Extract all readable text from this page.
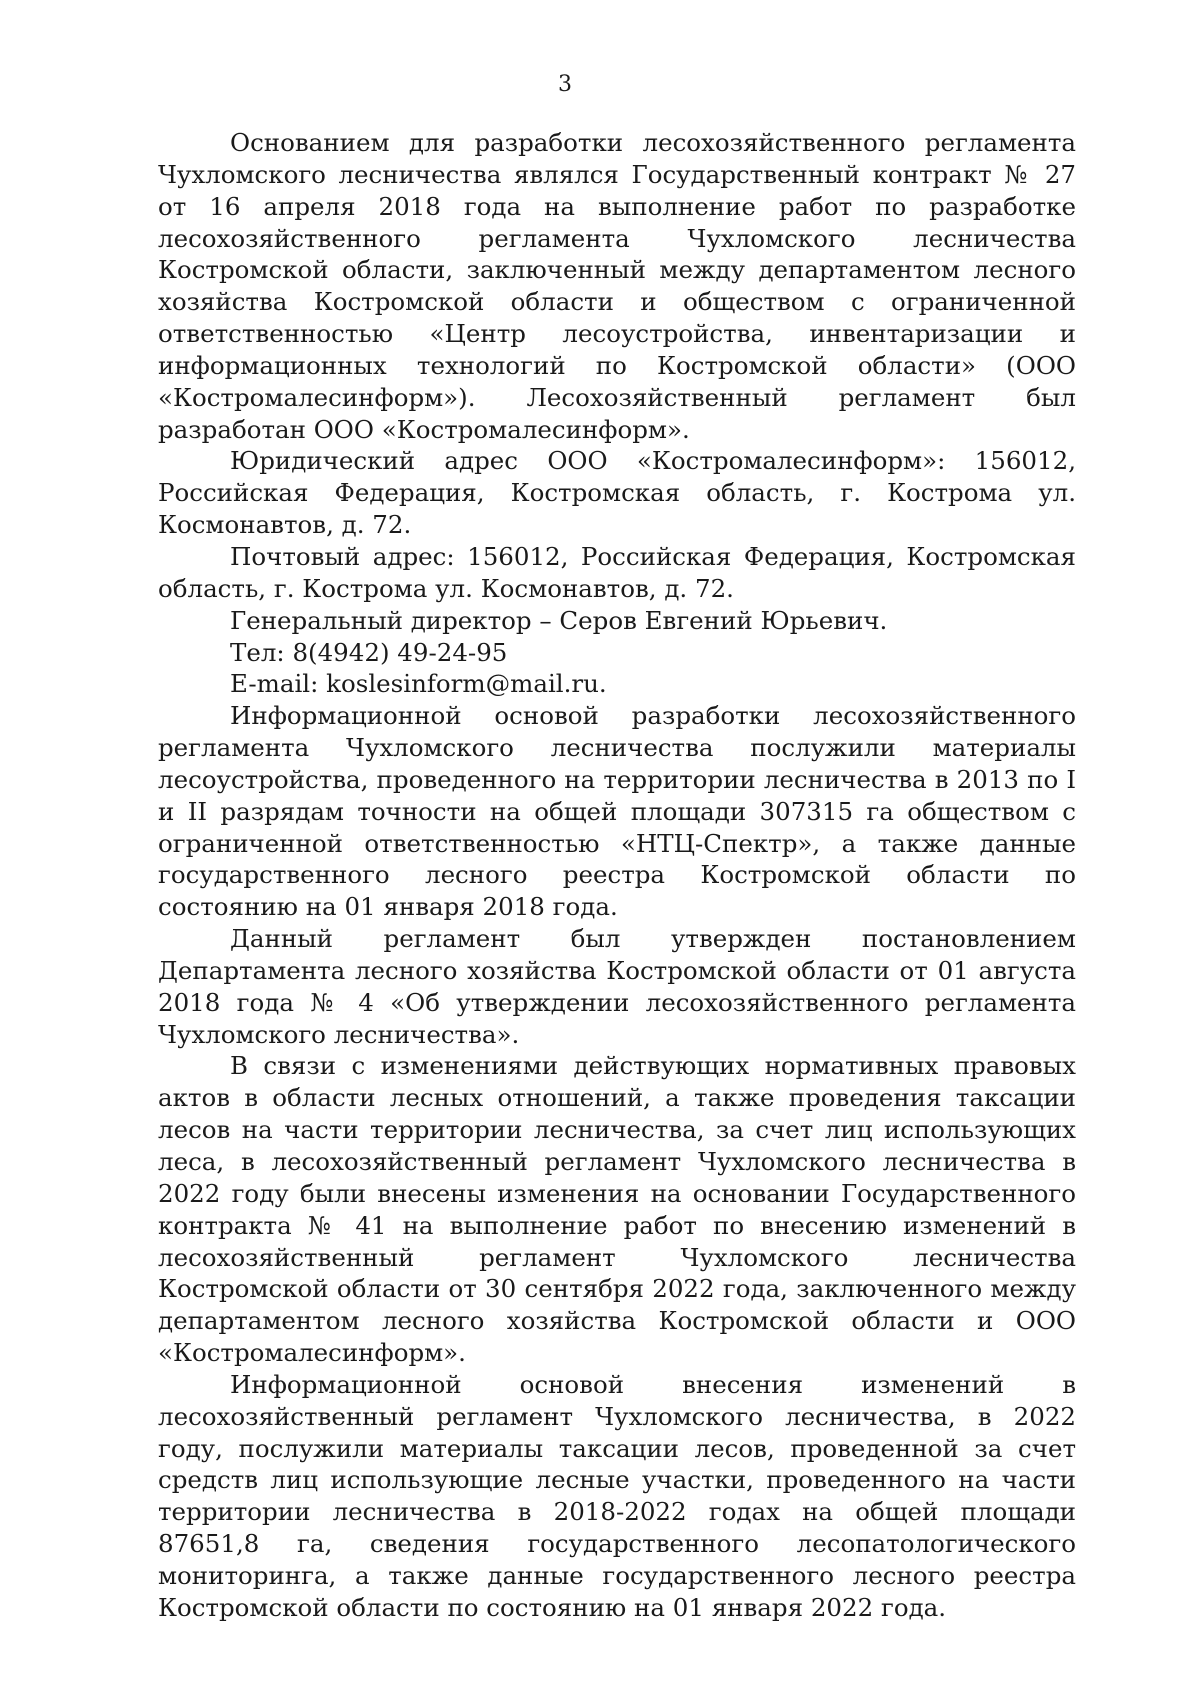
3

Основанием для разработки лесохозяйственного регламента Чухломского лесничества являлся Государственный контракт № 27 от 16 апреля 2018 года на выполнение работ по разработке лесохозяйственного регламента Чухломского лесничества Костромской области, заключенный между департаментом лесного хозяйства Костромской области и обществом с ограниченной ответственностью «Центр лесоустройства, инвентаризации и информационных технологий по Костромской области» (ООО «Костромалесинформ»). Лесохозяйственный регламент был разработан ООО «Костромалесинформ».

Юридический адрес ООО «Костромалесинформ»: 156012, Российская Федерация, Костромская область, г. Кострома ул. Космонавтов, д. 72.

Почтовый адрес: 156012, Российская Федерация, Костромская область, г. Кострома ул. Космонавтов, д. 72.

Генеральный директор – Серов Евгений Юрьевич.

Тел: 8(4942) 49-24-95

E-mail: koslesinform@mail.ru.

Информационной основой разработки лесохозяйственного регламента Чухломского лесничества послужили материалы лесоустройства, проведенного на территории лесничества в 2013 по I и II разрядам точности на общей площади 307315 га обществом с ограниченной ответственностью «НТЦ-Спектр», а также данные государственного лесного реестра Костромской области по состоянию на 01 января 2018 года.

Данный регламент был утвержден постановлением Департамента лесного хозяйства Костромской области от 01 августа 2018 года № 4 «Об утверждении лесохозяйственного регламента Чухломского лесничества».

В связи с изменениями действующих нормативных правовых актов в области лесных отношений, а также проведения таксации лесов на части территории лесничества, за счет лиц использующих леса, в лесохозяйственный регламент Чухломского лесничества в 2022 году были внесены изменения на основании Государственного контракта № 41 на выполнение работ по внесению изменений в лесохозяйственный регламент Чухломского лесничества Костромской области от 30 сентября 2022 года, заключенного между департаментом лесного хозяйства Костромской области и ООО «Костромалесинформ».

Информационной основой внесения изменений в лесохозяйственный регламент Чухломского лесничества, в 2022 году, послужили материалы таксации лесов, проведенной за счет средств лиц использующие лесные участки, проведенного на части территории лесничества в 2018-2022 годах на общей площади 87651,8 га, сведения государственного лесопатологического мониторинга, а также данные государственного лесного реестра Костромской области по состоянию на 01 января 2022 года.
